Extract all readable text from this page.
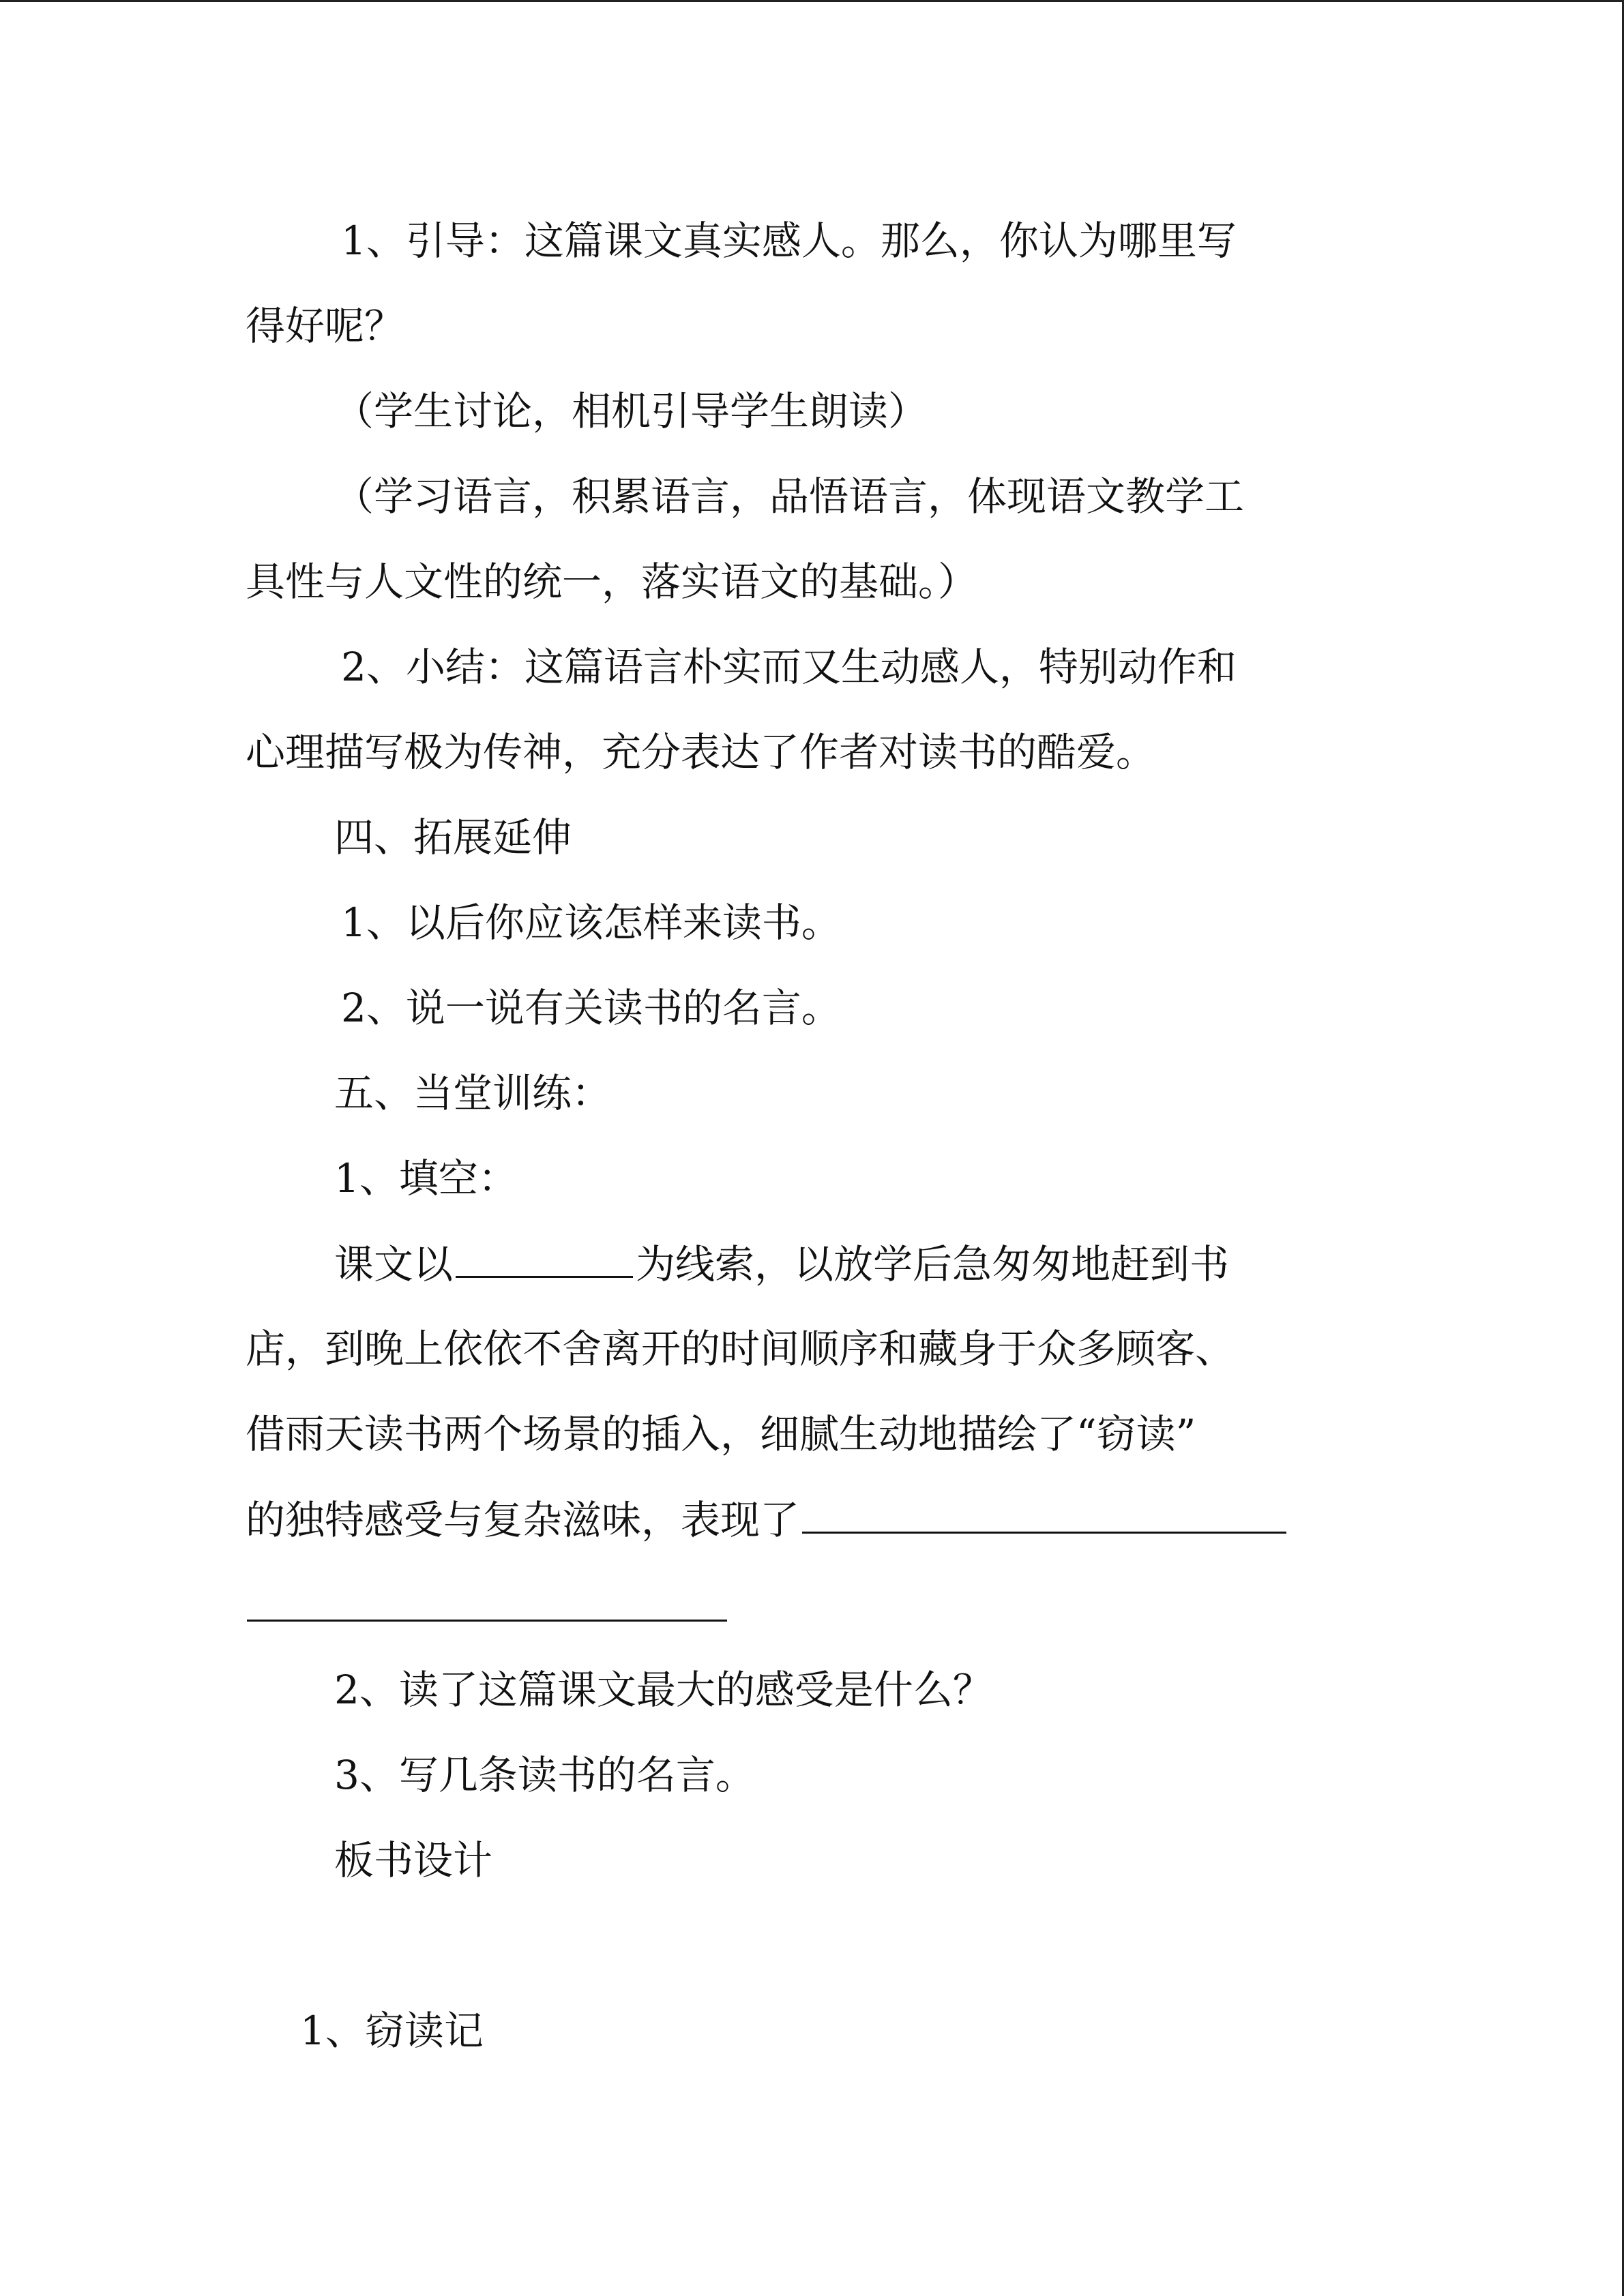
1、引导：这篇课文真实感人。那么，你认为哪里写

得好呢？

（学生讨论，相机引导学生朗读）

（学习语言，积累语言，品悟语言，体现语文教学工

具性与人文性的统一，落实语文的基础。）

2、小结：这篇语言朴实而又生动感人，特别动作和

心理描写极为传神，充分表达了作者对读书的酷爱。

四、拓展延伸

1、以后你应该怎样来读书。

2、说一说有关读书的名言。

五、当堂训练：

1、填空：

课文以	为线索，以放学后急匆匆地赶到书

店，到晚上依依不舍离开的时间顺序和藏身于众多顾客、

借雨天读书两个场景的插入，细腻生动地描绘了“窃读”

的独特感受与复杂滋味，表现了

2、读了这篇课文最大的感受是什么？

3、写几条读书的名言。

板书设计

1、窃读记
